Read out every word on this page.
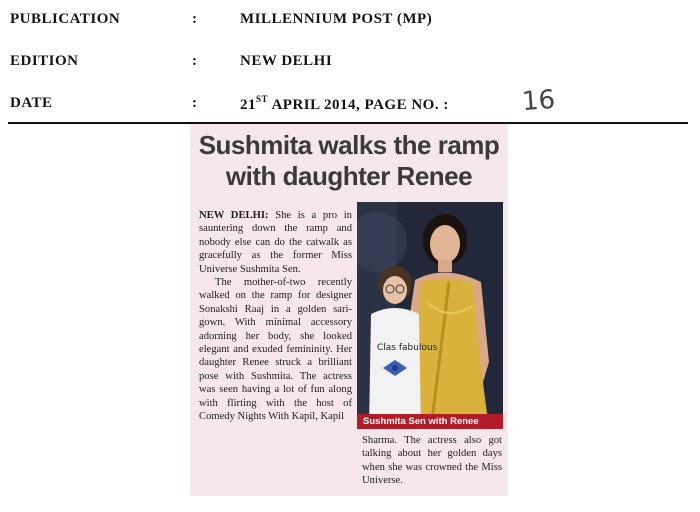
PUBLICATION	:	MILLENNIUM POST (MP)
EDITION	:	NEW DELHI
DATE	:	21ST APRIL 2014, PAGE NO. :	16
Sushmita walks the ramp
with daughter Renee

NEW DELHI: She is a pro in sauntering down the ramp and nobody else can do the catwalk as gracefully as the former Miss Universe Sushmita Sen.

The mother-of-two recently walked on the ramp for designer Sonakshi Raaj in a golden sari-gown. With minimal accessory adorning her body, she looked elegant and exuded femininity. Her daughter Renee struck a brilliant pose with Sushmita. The actress was seen having a lot of fun along with flirting with the host of Comedy Nights With Kapil, Kapil

Clas fabulous
Sushmita Sen with Renee
Sharma. The actress also got talking about her golden days when she was crowned the Miss Universe.
